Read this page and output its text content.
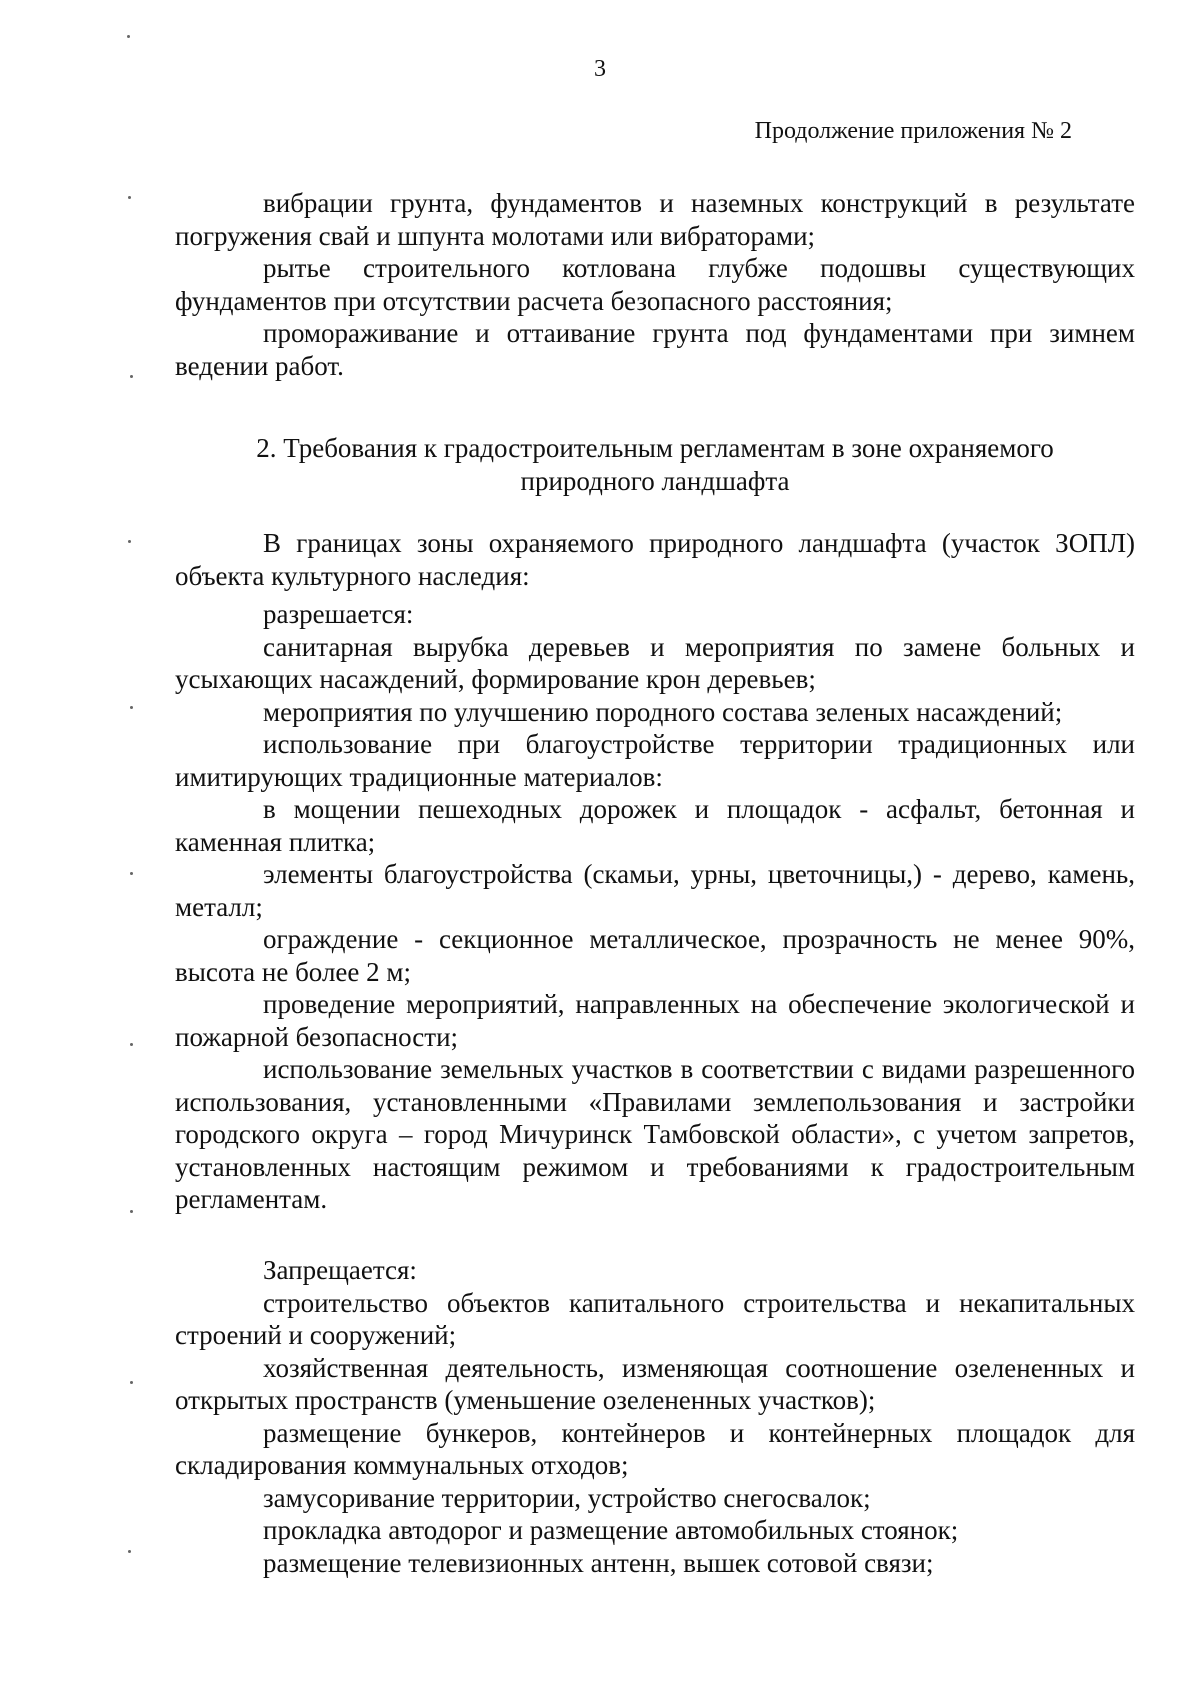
3
Продолжение приложения № 2

вибрации грунта, фундаментов и наземных конструкций в результате погружения свай и шпунта молотами или вибраторами;

рытье строительного котлована глубже подошвы существующих фундаментов при отсутствии расчета безопасного расстояния;

промораживание и оттаивание грунта под фундаментами при зимнем ведении работ.

2. Требования к градостроительным регламентам в зоне охраняемого природного ландшафта

В границах зоны охраняемого природного ландшафта (участок ЗОПЛ) объекта культурного наследия:

разрешается:

санитарная вырубка деревьев и мероприятия по замене больных и усыхающих насаждений, формирование крон деревьев;

мероприятия по улучшению породного состава зеленых насаждений;

использование при благоустройстве территории традиционных или имитирующих традиционные материалов:

в мощении пешеходных дорожек и площадок - асфальт, бетонная и каменная плитка;

элементы благоустройства (скамьи, урны, цветочницы,) - дерево, камень, металл;

ограждение - секционное металлическое, прозрачность не менее 90%, высота не более 2 м;

проведение мероприятий, направленных на обеспечение экологической и пожарной безопасности;

использование земельных участков в соответствии с видами разрешенного использования, установленными «Правилами землепользования и застройки городского округа – город Мичуринск Тамбовской области», с учетом запретов, установленных настоящим режимом и требованиями к градостроительным регламентам.

Запрещается:

строительство объектов капитального строительства и некапитальных строений и сооружений;

хозяйственная деятельность, изменяющая соотношение озелененных и открытых пространств (уменьшение озелененных участков);

размещение бункеров, контейнеров и контейнерных площадок для складирования коммунальных отходов;

замусоривание территории, устройство снегосвалок;

прокладка автодорог и размещение автомобильных стоянок;

размещение телевизионных антенн, вышек сотовой связи;
